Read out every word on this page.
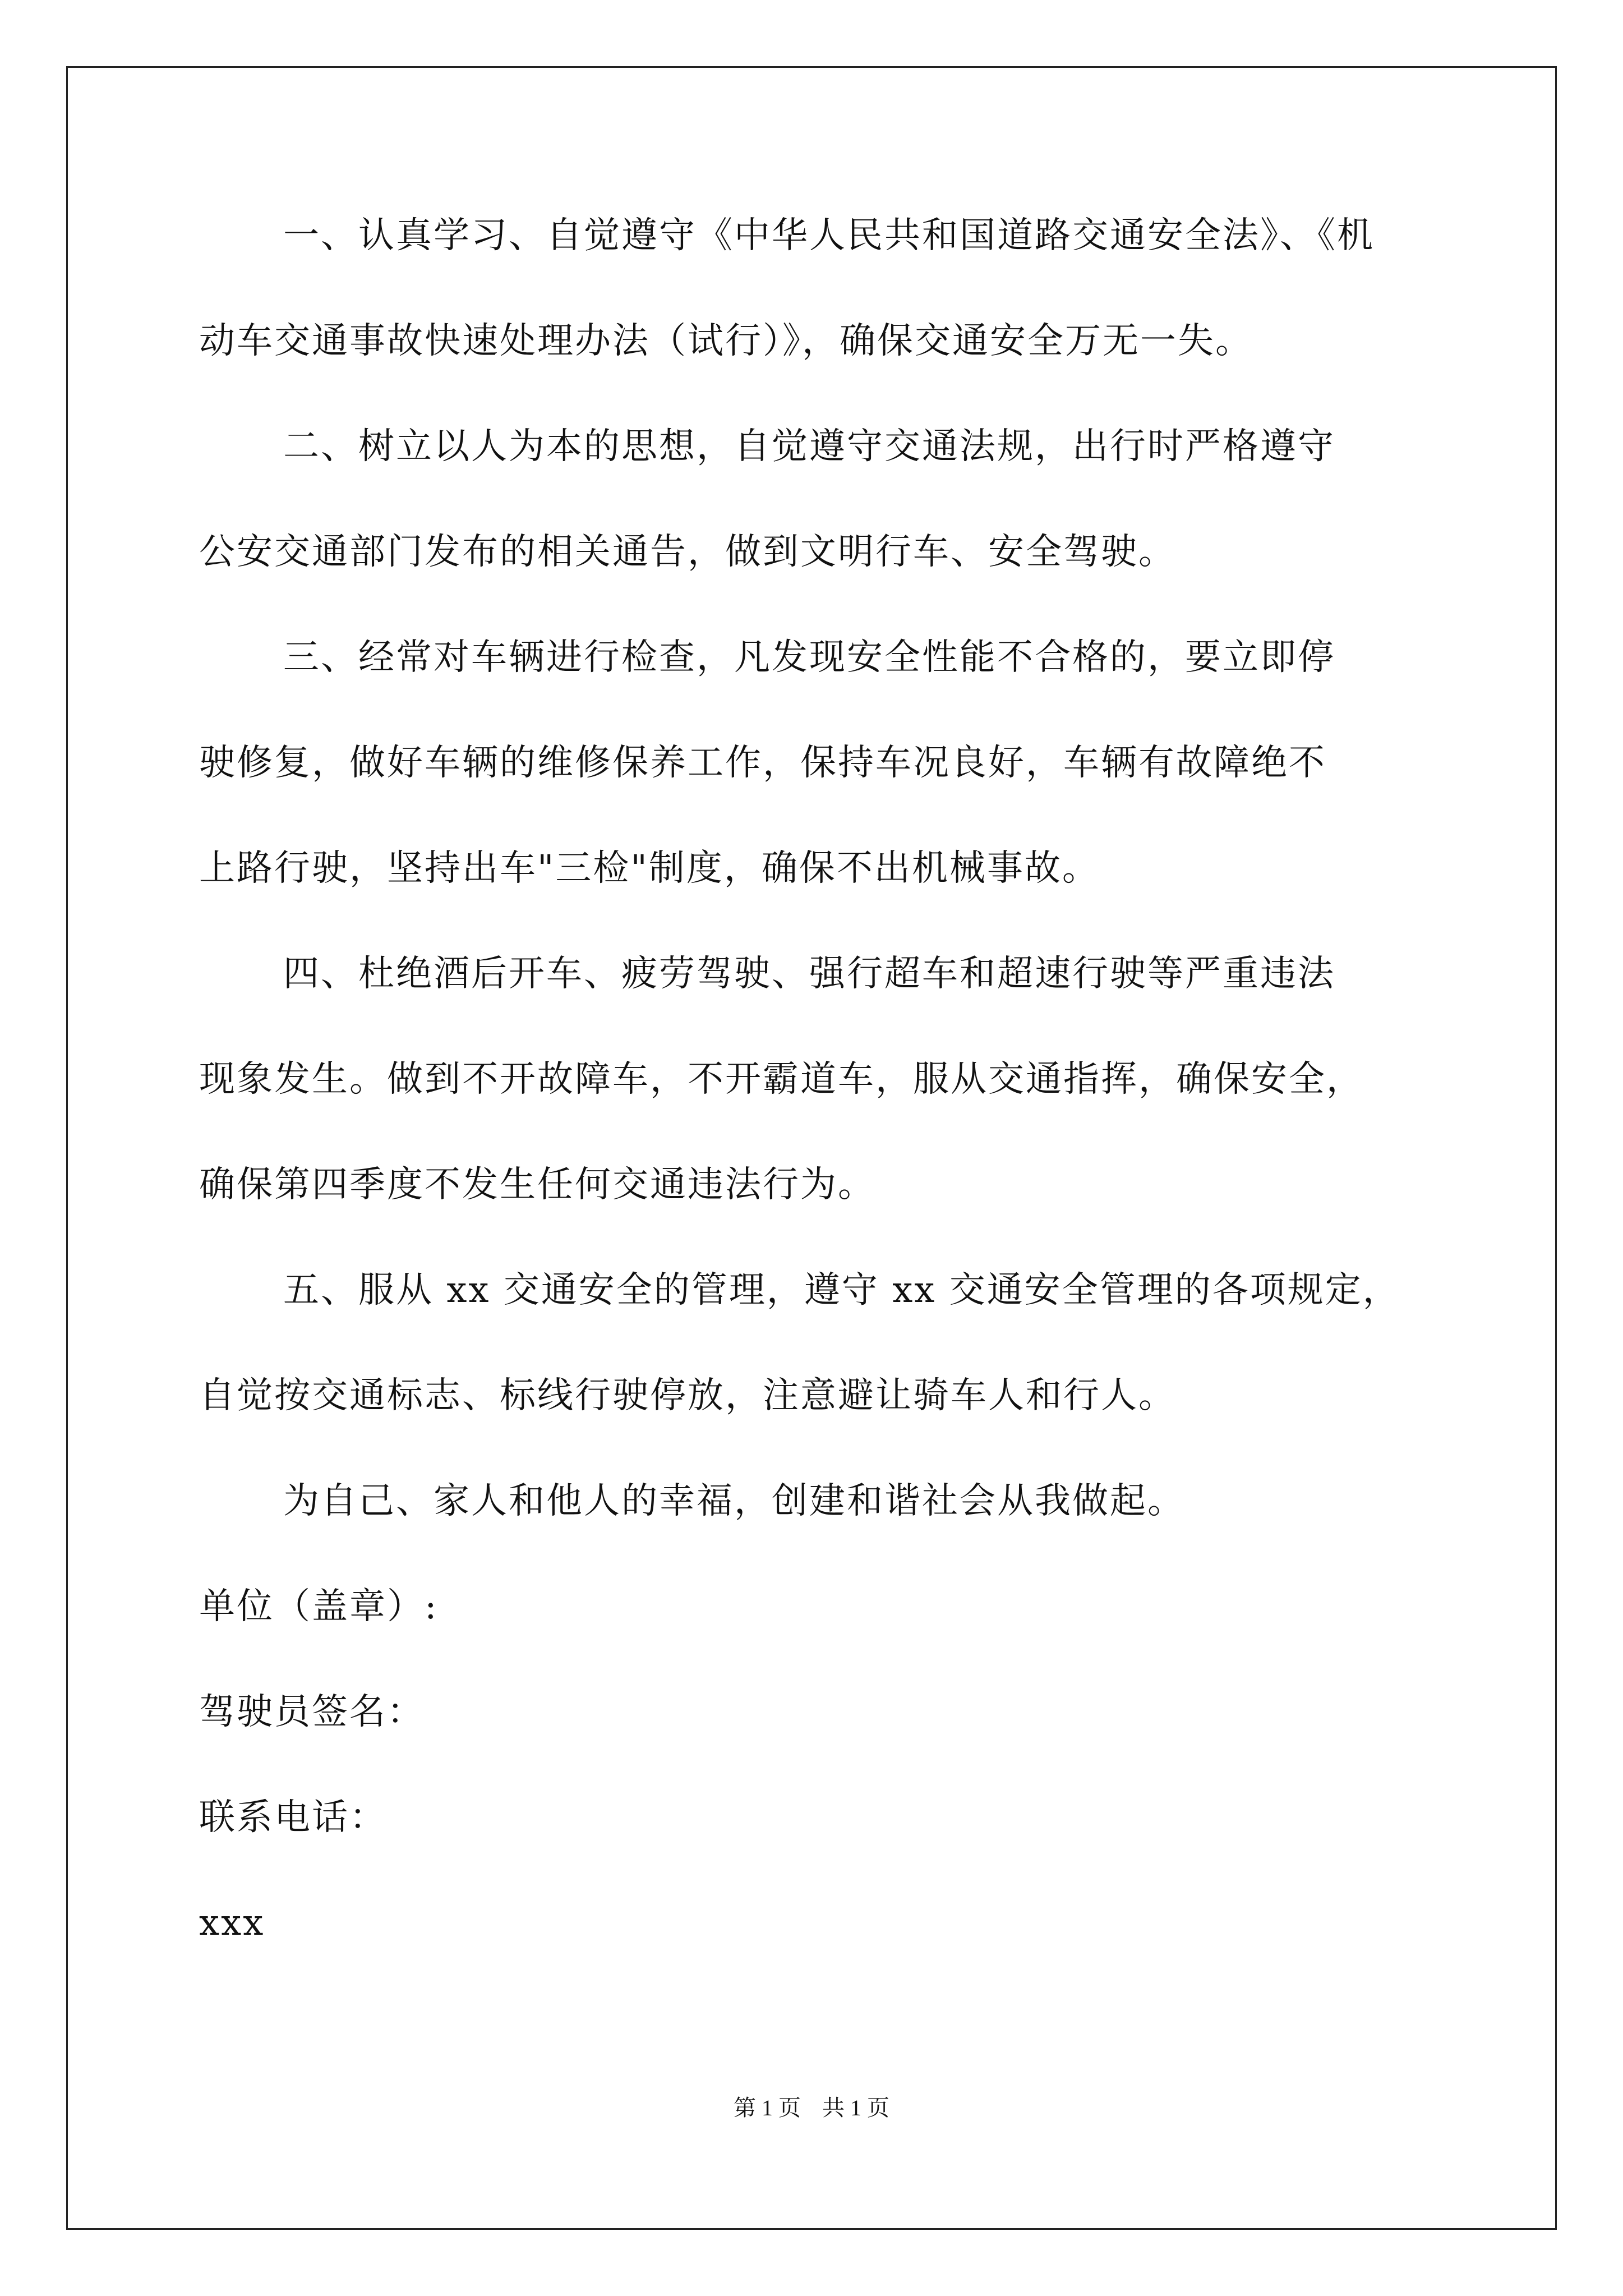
一、认真学习、自觉遵守《中华人民共和国道路交通安全法》、《机
动车交通事故快速处理办法（试行）》，确保交通安全万无一失。
二、树立以人为本的思想，自觉遵守交通法规，出行时严格遵守
公安交通部门发布的相关通告，做到文明行车、安全驾驶。
三、经常对车辆进行检查，凡发现安全性能不合格的，要立即停
驶修复，做好车辆的维修保养工作，保持车况良好，车辆有故障绝不
上路行驶，坚持出车"三检"制度，确保不出机械事故。
四、杜绝酒后开车、疲劳驾驶、强行超车和超速行驶等严重违法
现象发生。做到不开故障车，不开霸道车，服从交通指挥，确保安全，
确保第四季度不发生任何交通违法行为。
五、服从 xx 交通安全的管理，遵守 xx 交通安全管理的各项规定，
自觉按交通标志、标线行驶停放，注意避让骑车人和行人。
为自己、家人和他人的幸福，创建和谐社会从我做起。
单位（盖章）:
驾驶员签名：
联系电话：
xxx
第 1 页 共 1 页
